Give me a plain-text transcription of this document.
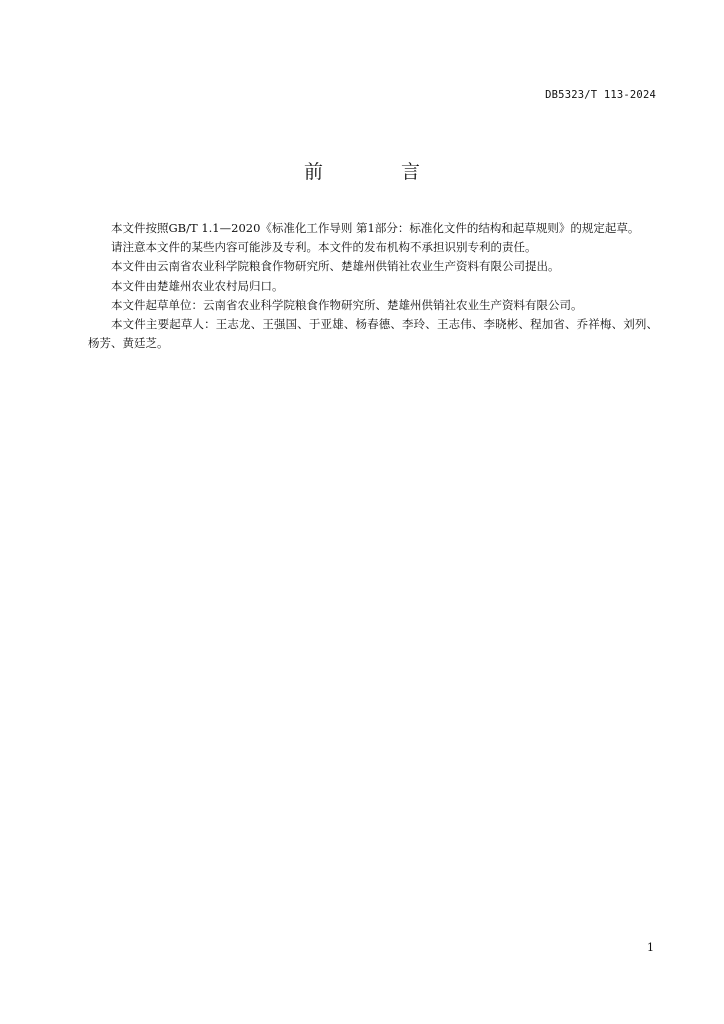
DB5323/T 113-2024
前 言

本文件按照GB/T 1.1—2020《标准化工作导则 第1部分：标准化文件的结构和起草规则》的规定起草。

请注意本文件的某些内容可能涉及专利。本文件的发布机构不承担识别专利的责任。

本文件由云南省农业科学院粮食作物研究所、楚雄州供销社农业生产资料有限公司提出。

本文件由楚雄州农业农村局归口。

本文件起草单位：云南省农业科学院粮食作物研究所、楚雄州供销社农业生产资料有限公司。

本文件主要起草人：王志龙、王强国、于亚雄、杨春德、李玲、王志伟、李晓彬、程加省、乔祥梅、刘列、杨芳、黄廷芝。

1
